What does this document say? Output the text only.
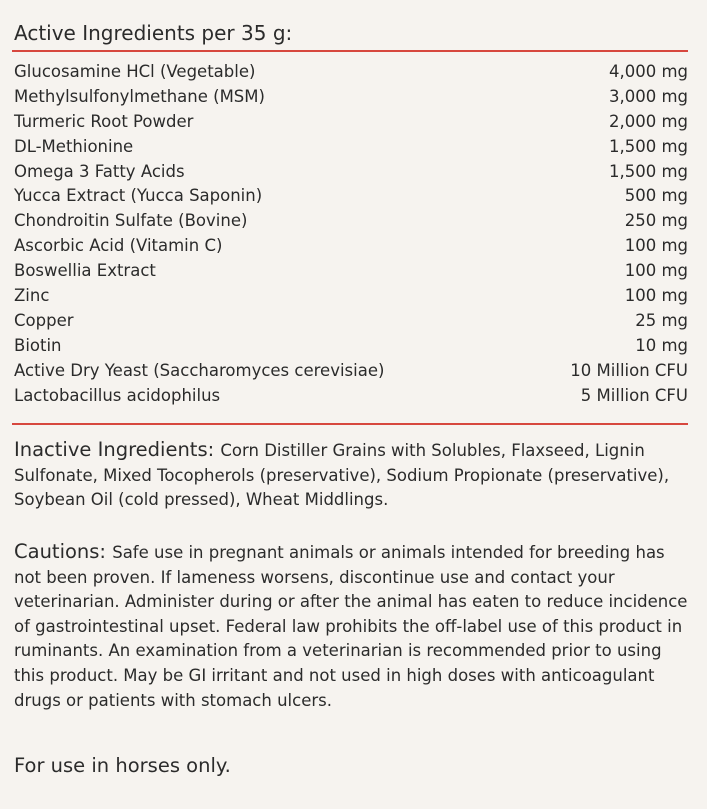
Active Ingredients per 35 g:
Glucosamine HCl (Vegetable)	4,000 mg
Methylsulfonylmethane (MSM)	3,000 mg
Turmeric Root Powder	2,000 mg
DL-Methionine	1,500 mg
Omega 3 Fatty Acids	1,500 mg
Yucca Extract (Yucca Saponin)	500 mg
Chondroitin Sulfate (Bovine)	250 mg
Ascorbic Acid (Vitamin C)	100 mg
Boswellia Extract	100 mg
Zinc	100 mg
Copper	25 mg
Biotin	10 mg
Active Dry Yeast (Saccharomyces cerevisiae)	10 Million CFU
Lactobacillus acidophilus	5 Million CFU
Inactive Ingredients: Corn Distiller Grains with Solubles, Flaxseed, Lignin Sulfonate, Mixed Tocopherols (preservative), Sodium Propionate (preservative), Soybean Oil (cold pressed), Wheat Middlings.
Cautions: Safe use in pregnant animals or animals intended for breeding has not been proven. If lameness worsens, discontinue use and contact your veterinarian. Administer during or after the animal has eaten to reduce incidence of gastrointestinal upset. Federal law prohibits the off-label use of this product in ruminants. An examination from a veterinarian is recommended prior to using this product. May be GI irritant and not used in high doses with anticoagulant drugs or patients with stomach ulcers.
For use in horses only.
